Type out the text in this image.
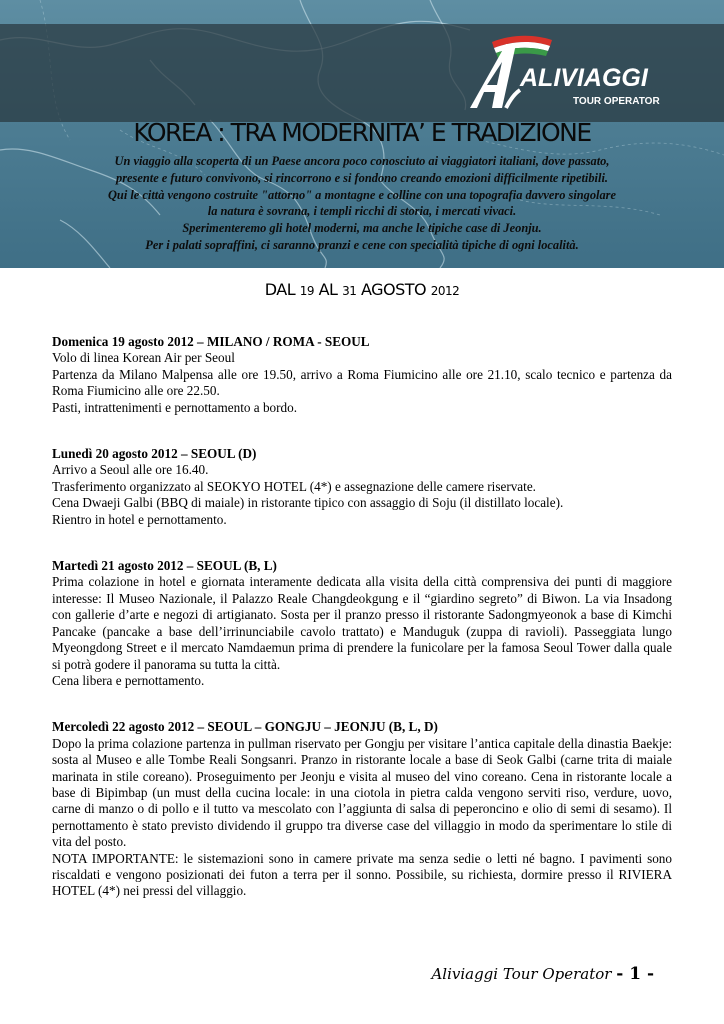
ALIVIAGGI
TOUR OPERATOR
KOREA : TRA MODERNITA’ E TRADIZIONE
Un viaggio alla scoperta di un Paese ancora poco conosciuto ai viaggiatori italiani, dove passato,
presente e futuro convivono, si rincorrono e si fondono creando emozioni difficilmente ripetibili.
Qui le città vengono costruite "attorno" a montagne e colline con una topografia davvero singolare
la natura è sovrana, i templi ricchi di storia, i mercati vivaci.
Sperimenteremo gli hotel moderni, ma anche le tipiche case di Jeonju.
Per i palati sopraffini, ci saranno pranzi e cene con specialità tipiche di ogni località.
DAL 19 AL 31 AGOSTO 2012
Domenica 19 agosto 2012 – MILANO / ROMA - SEOUL

Volo di linea Korean Air per Seoul

Partenza da Milano Malpensa alle ore 19.50, arrivo a Roma Fiumicino alle ore 21.10, scalo tecnico e partenza da Roma Fiumicino alle ore 22.50.

Pasti, intrattenimenti e pernottamento a bordo.

Lunedì 20 agosto 2012 – SEOUL (D)

Arrivo a Seoul alle ore 16.40.

Trasferimento organizzato al SEOKYO HOTEL (4*) e assegnazione delle camere riservate.

Cena Dwaeji Galbi (BBQ di maiale) in ristorante tipico con assaggio di Soju (il distillato locale).

Rientro in hotel e pernottamento.

Martedì 21 agosto 2012 – SEOUL (B, L)

Prima colazione in hotel e giornata interamente dedicata alla visita della città comprensiva dei punti di maggiore interesse: Il Museo Nazionale, il Palazzo Reale Changdeokgung e il “giardino segreto” di Biwon. La via Insadong con gallerie d’arte e negozi di artigianato. Sosta per il pranzo presso il ristorante Sadongmyeonok a base di Kimchi Pancake (pancake a base dell’irrinunciabile cavolo trattato) e Manduguk (zuppa di ravioli). Passeggiata lungo Myeongdong Street e il mercato Namdaemun prima di prendere la funicolare per la famosa Seoul Tower dalla quale si potrà godere il panorama su tutta la città.

Cena libera e pernottamento.

Mercoledì 22 agosto 2012 – SEOUL – GONGJU – JEONJU (B, L, D)

Dopo la prima colazione partenza in pullman riservato per Gongju per visitare l’antica capitale della dinastia Baekje: sosta al Museo e alle Tombe Reali Songsanri. Pranzo in ristorante locale a base di Seok Galbi (carne trita di maiale marinata in stile coreano). Proseguimento per Jeonju e visita al museo del vino coreano. Cena in ristorante locale a base di Bipimbap (un must della cucina locale: in una ciotola in pietra calda vengono serviti riso, verdure, uovo, carne di manzo o di pollo e il tutto va mescolato con l’aggiunta di salsa di peperoncino e olio di semi di sesamo). Il pernottamento è stato previsto dividendo il gruppo tra diverse case del villaggio in modo da sperimentare lo stile di vita del posto.

NOTA IMPORTANTE: le sistemazioni sono in camere private ma senza sedie o letti né bagno. I pavimenti sono riscaldati e vengono posizionati dei futon a terra per il sonno. Possibile, su richiesta, dormire presso il RIVIERA HOTEL (4*) nei pressi del villaggio.

Aliviaggi Tour Operator - 1 -
